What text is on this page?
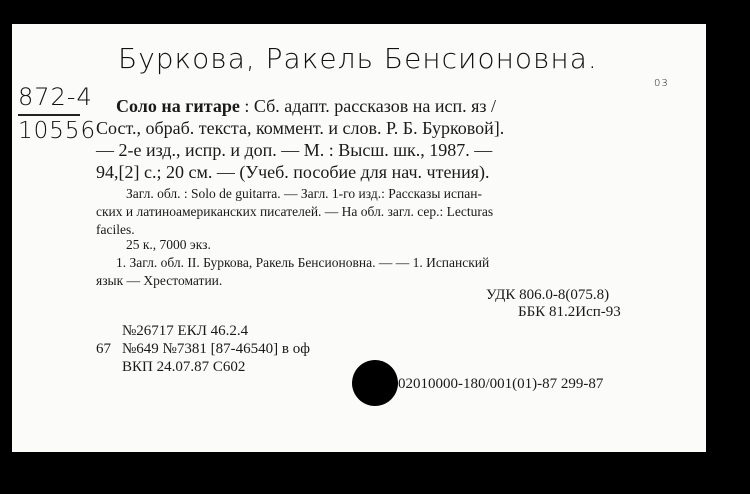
Буркова, Ракель Бенсионовна.
03
872-4
10556
Соло на гитаре : Сб. адапт. рассказов на исп. яз /
Сост., обраб. текста, коммент. и слов. Р. Б. Бурковой].
— 2-е изд., испр. и доп. — М. : Высш. шк., 1987. —
94,[2] с.; 20 см. — (Учеб. пособие для нач. чтения).
Загл. обл. : Solo de guitarra. — Загл. 1-го изд.: Рассказы испан-
ских и латиноамериканских писателей. — На обл. загл. сер.: Lecturas
faciles.
25 к., 7000 экз.
1. Загл. обл. II. Буркова, Ракель Бенсионовна. — — 1. Испанский
язык — Хрестоматии.
УДК 806.0-8(075.8)
ББК 81.2Исп-93
№26717 ЕКЛ 46.2.4
67 №649 №7381 [87-46540] в оф
ВКП 24.07.87 С602
02010000-180/001(01)-87 299-87
